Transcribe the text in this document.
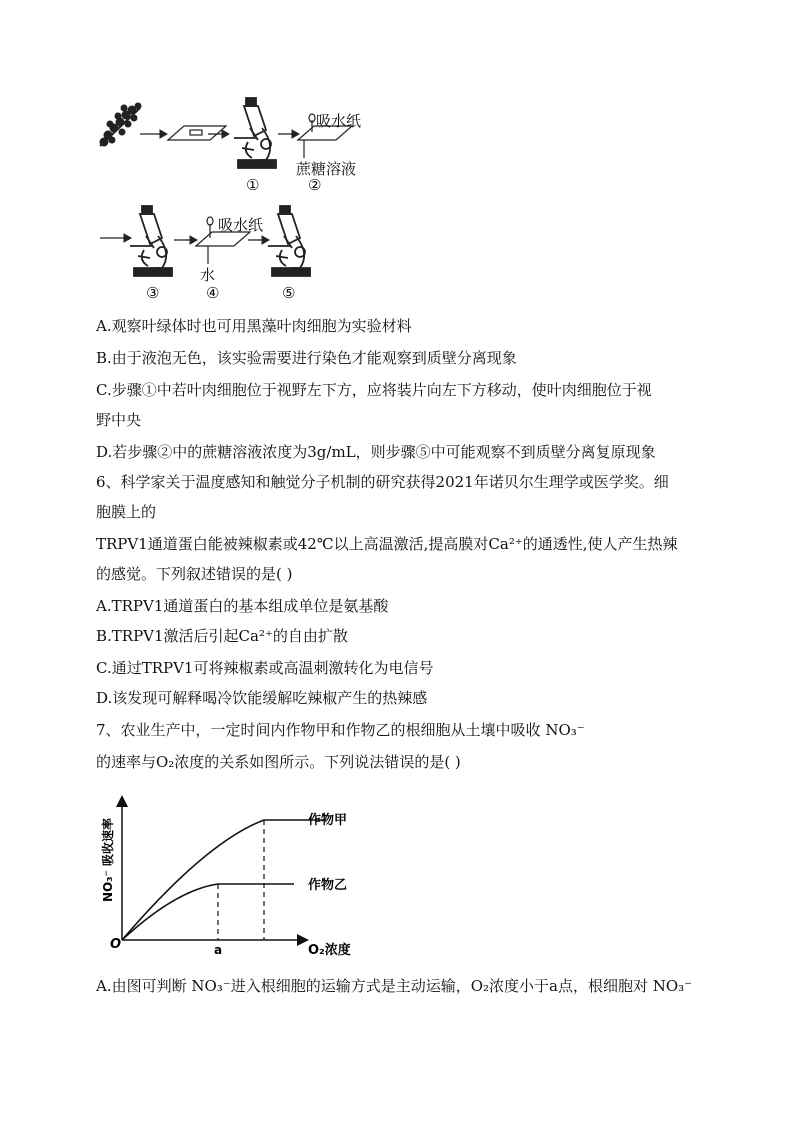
吸水纸
蔗糖溶液
①	②
吸水纸
水
③	④	⑤
A.观察叶绿体时也可用黑藻叶肉细胞为实验材料
B.由于液泡无色，该实验需要进行染色才能观察到质壁分离现象
C.步骤①中若叶肉细胞位于视野左下方，应将装片向左下方移动，使叶肉细胞位于视
野中央
D.若步骤②中的蔗糖溶液浓度为3g/mL，则步骤⑤中可能观察不到质壁分离复原现象
6、科学家关于温度感知和触觉分子机制的研究获得2021年诺贝尔生理学或医学奖。细
胞膜上的
TRPV1通道蛋白能被辣椒素或42℃以上高温激活,提高膜对Ca²⁺的通透性,使人产生热辣
的感觉。下列叙述错误的是( )
A.TRPV1通道蛋白的基本组成单位是氨基酸
B.TRPV1激活后引起Ca²⁺的自由扩散
C.通过TRPV1可将辣椒素或高温刺激转化为电信号
D.该发现可解释喝冷饮能缓解吃辣椒产生的热辣感
7、农业生产中，一定时间内作物甲和作物乙的根细胞从土壤中吸收 NO₃⁻
的速率与O₂浓度的关系如图所示。下列说法错误的是( )
作物甲
作物乙
O	a	O₂浓度
NO₃⁻ 吸收速率
A.由图可判断 NO₃⁻进入根细胞的运输方式是主动运输，O₂浓度小于a点，根细胞对 NO₃⁻
